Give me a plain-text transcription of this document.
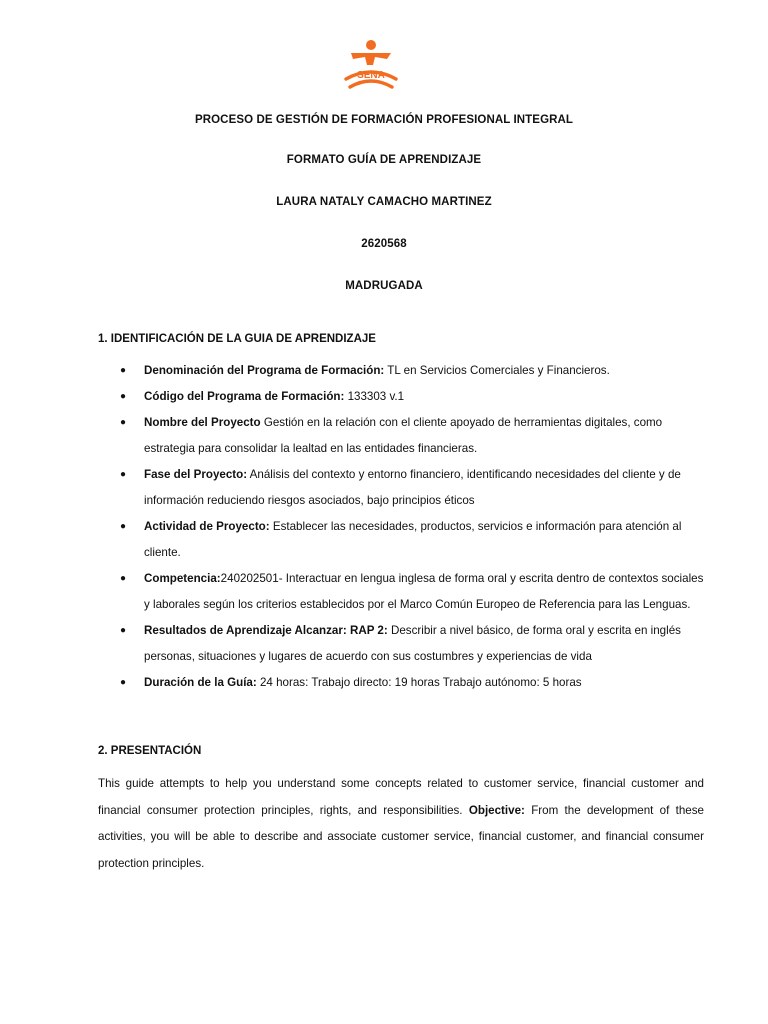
SENA
PROCESO DE GESTIÓN DE FORMACIÓN PROFESIONAL INTEGRAL
FORMATO GUÍA DE APRENDIZAJE
LAURA NATALY CAMACHO MARTINEZ
2620568
MADRUGADA
1. IDENTIFICACIÓN DE LA GUIA DE APRENDIZAJE
● Denominación del Programa de Formación: TL en Servicios Comerciales y Financieros.
● Código del Programa de Formación: 133303 v.1
● Nombre del Proyecto Gestión en la relación con el cliente apoyado de herramientas digitales, como estrategia para consolidar la lealtad en las entidades financieras.
● Fase del Proyecto: Análisis del contexto y entorno financiero, identificando necesidades del cliente y de información reduciendo riesgos asociados, bajo principios éticos
● Actividad de Proyecto: Establecer las necesidades, productos, servicios e información para atención al cliente.
● Competencia:240202501- Interactuar en lengua inglesa de forma oral y escrita dentro de contextos sociales y laborales según los criterios establecidos por el Marco Común Europeo de Referencia para las Lenguas.
● Resultados de Aprendizaje Alcanzar: RAP 2: Describir a nivel básico, de forma oral y escrita en inglés personas, situaciones y lugares de acuerdo con sus costumbres y experiencias de vida
● Duración de la Guía: 24 horas: Trabajo directo: 19 horas Trabajo autónomo: 5 horas
2. PRESENTACIÓN

This guide attempts to help you understand some concepts related to customer service, financial customer and financial consumer protection principles, rights, and responsibilities. Objective: From the development of these activities, you will be able to describe and associate customer service, financial customer, and financial consumer protection principles.
